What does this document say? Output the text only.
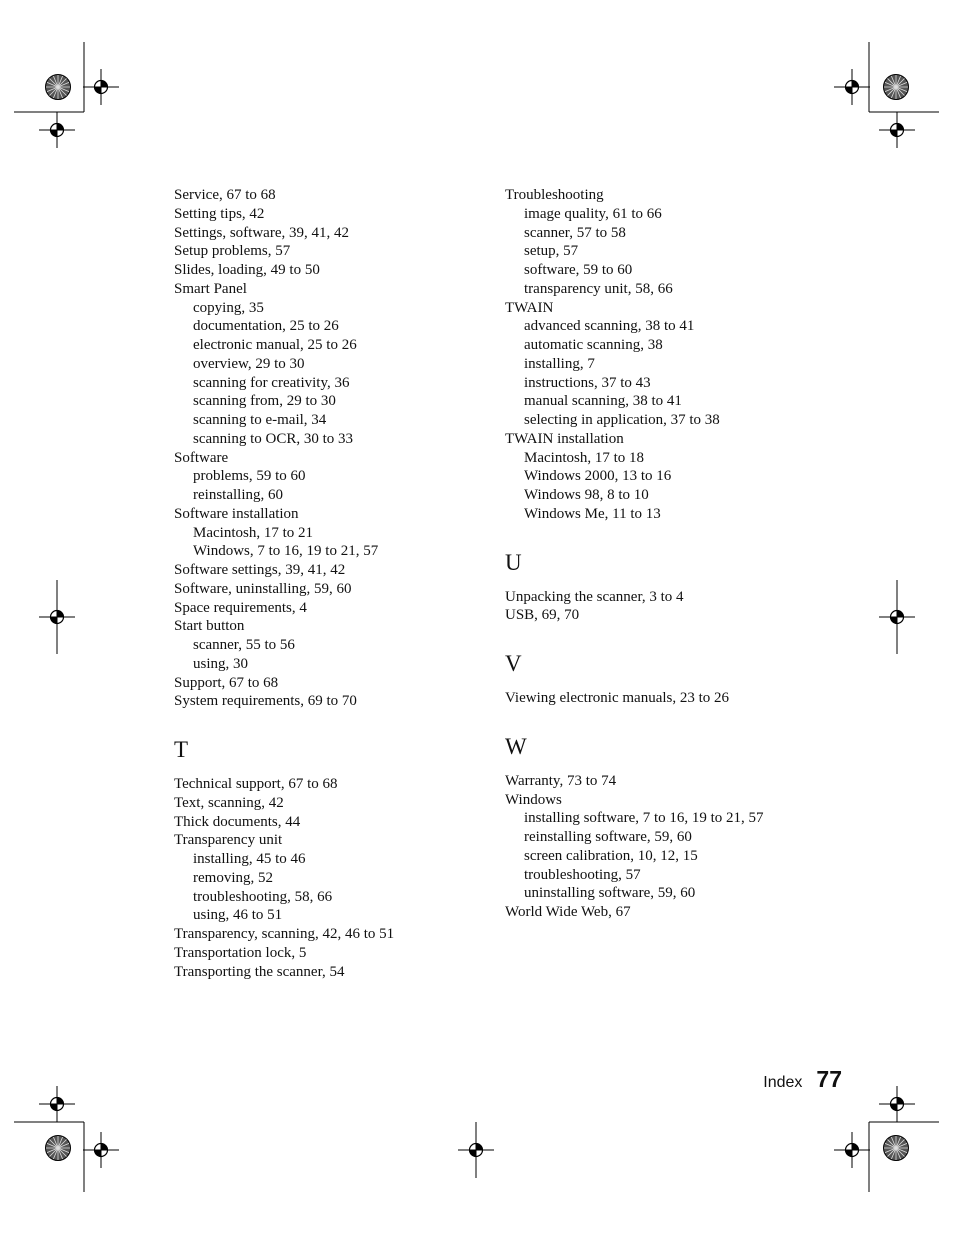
Service, 67 to 68
Setting tips, 42
Settings, software, 39, 41, 42
Setup problems, 57
Slides, loading, 49 to 50
Smart Panel
copying, 35
documentation, 25 to 26
electronic manual, 25 to 26
overview, 29 to 30
scanning for creativity, 36
scanning from, 29 to 30
scanning to e-mail, 34
scanning to OCR, 30 to 33
Software
problems, 59 to 60
reinstalling, 60
Software installation
Macintosh, 17 to 21
Windows, 7 to 16, 19 to 21, 57
Software settings, 39, 41, 42
Software, uninstalling, 59, 60
Space requirements, 4
Start button
scanner, 55 to 56
using, 30
Support, 67 to 68
System requirements, 69 to 70
T
Technical support, 67 to 68
Text, scanning, 42
Thick documents, 44
Transparency unit
installing, 45 to 46
removing, 52
troubleshooting, 58, 66
using, 46 to 51
Transparency, scanning, 42, 46 to 51
Transportation lock, 5
Transporting the scanner, 54
Troubleshooting
image quality, 61 to 66
scanner, 57 to 58
setup, 57
software, 59 to 60
transparency unit, 58, 66
TWAIN
advanced scanning, 38 to 41
automatic scanning, 38
installing, 7
instructions, 37 to 43
manual scanning, 38 to 41
selecting in application, 37 to 38
TWAIN installation
Macintosh, 17 to 18
Windows 2000, 13 to 16
Windows 98, 8 to 10
Windows Me, 11 to 13
U
Unpacking the scanner, 3 to 4
USB, 69, 70
V
Viewing electronic manuals, 23 to 26
W
Warranty, 73 to 74
Windows
installing software, 7 to 16, 19 to 21, 57
reinstalling software, 59, 60
screen calibration, 10, 12, 15
troubleshooting, 57
uninstalling software, 59, 60
World Wide Web, 67
Index 77
